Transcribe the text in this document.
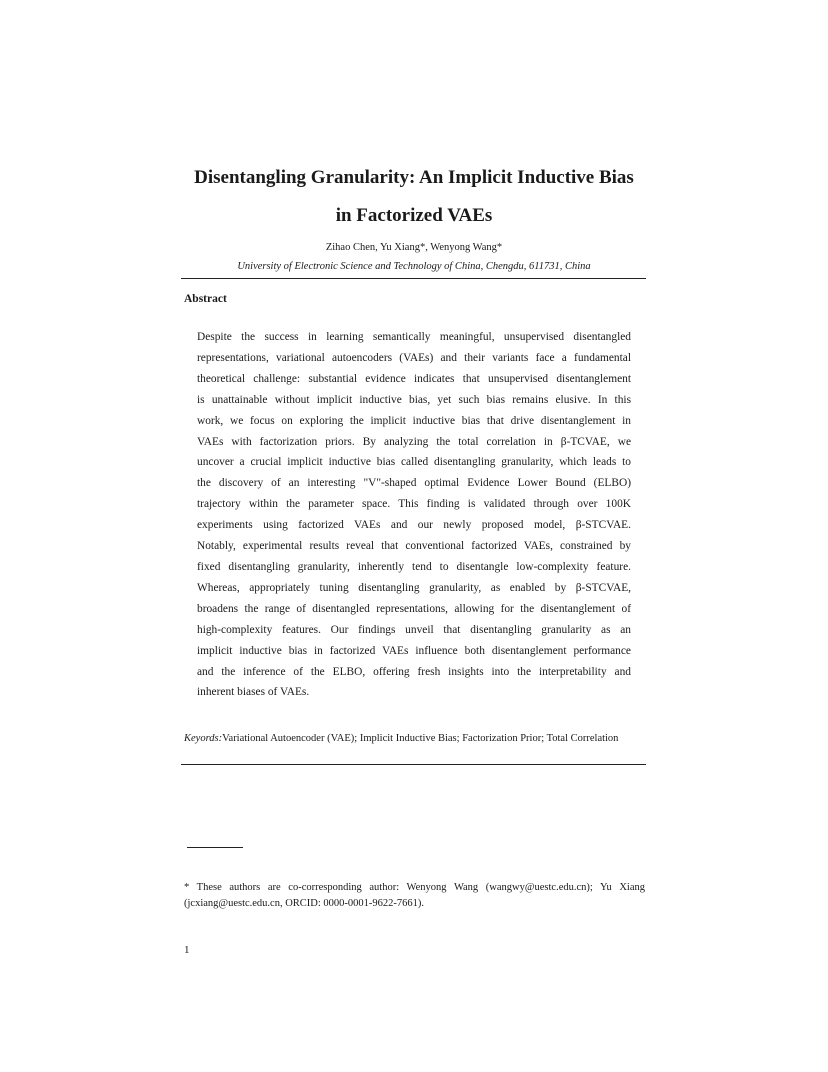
Disentangling Granularity: An Implicit Inductive Bias
in Factorized VAEs
Zihao Chen, Yu Xiang*, Wenyong Wang*
University of Electronic Science and Technology of China, Chengdu, 611731, China
Abstract

Despite the success in learning semantically meaningful, unsupervised disentangled
representations, variational autoencoders (VAEs) and their variants face a fundamental
theoretical challenge: substantial evidence indicates that unsupervised disentanglement
is unattainable without implicit inductive bias, yet such bias remains elusive. In this
work, we focus on exploring the implicit inductive bias that drive disentanglement in
VAEs with factorization priors. By analyzing the total correlation in β-TCVAE, we
uncover a crucial implicit inductive bias called disentangling granularity, which leads to
the discovery of an interesting "V"-shaped optimal Evidence Lower Bound (ELBO)
trajectory within the parameter space. This finding is validated through over 100K
experiments using factorized VAEs and our newly proposed model, β-STCVAE.
Notably, experimental results reveal that conventional factorized VAEs, constrained by
fixed disentangling granularity, inherently tend to disentangle low-complexity feature.
Whereas, appropriately tuning disentangling granularity, as enabled by β-STCVAE,
broadens the range of disentangled representations, allowing for the disentanglement of
high-complexity features. Our findings unveil that disentangling granularity as an
implicit inductive bias in factorized VAEs influence both disentanglement performance
and the inference of the ELBO, offering fresh insights into the interpretability and
inherent biases of VAEs.

Keyords:Variational Autoencoder (VAE); Implicit Inductive Bias; Factorization Prior; Total Correlation

* These authors are co-corresponding author: Wenyong Wang (wangwy@uestc.edu.cn); Yu Xiang
(jcxiang@uestc.edu.cn, ORCID: 0000-0001-9622-7661).

1
